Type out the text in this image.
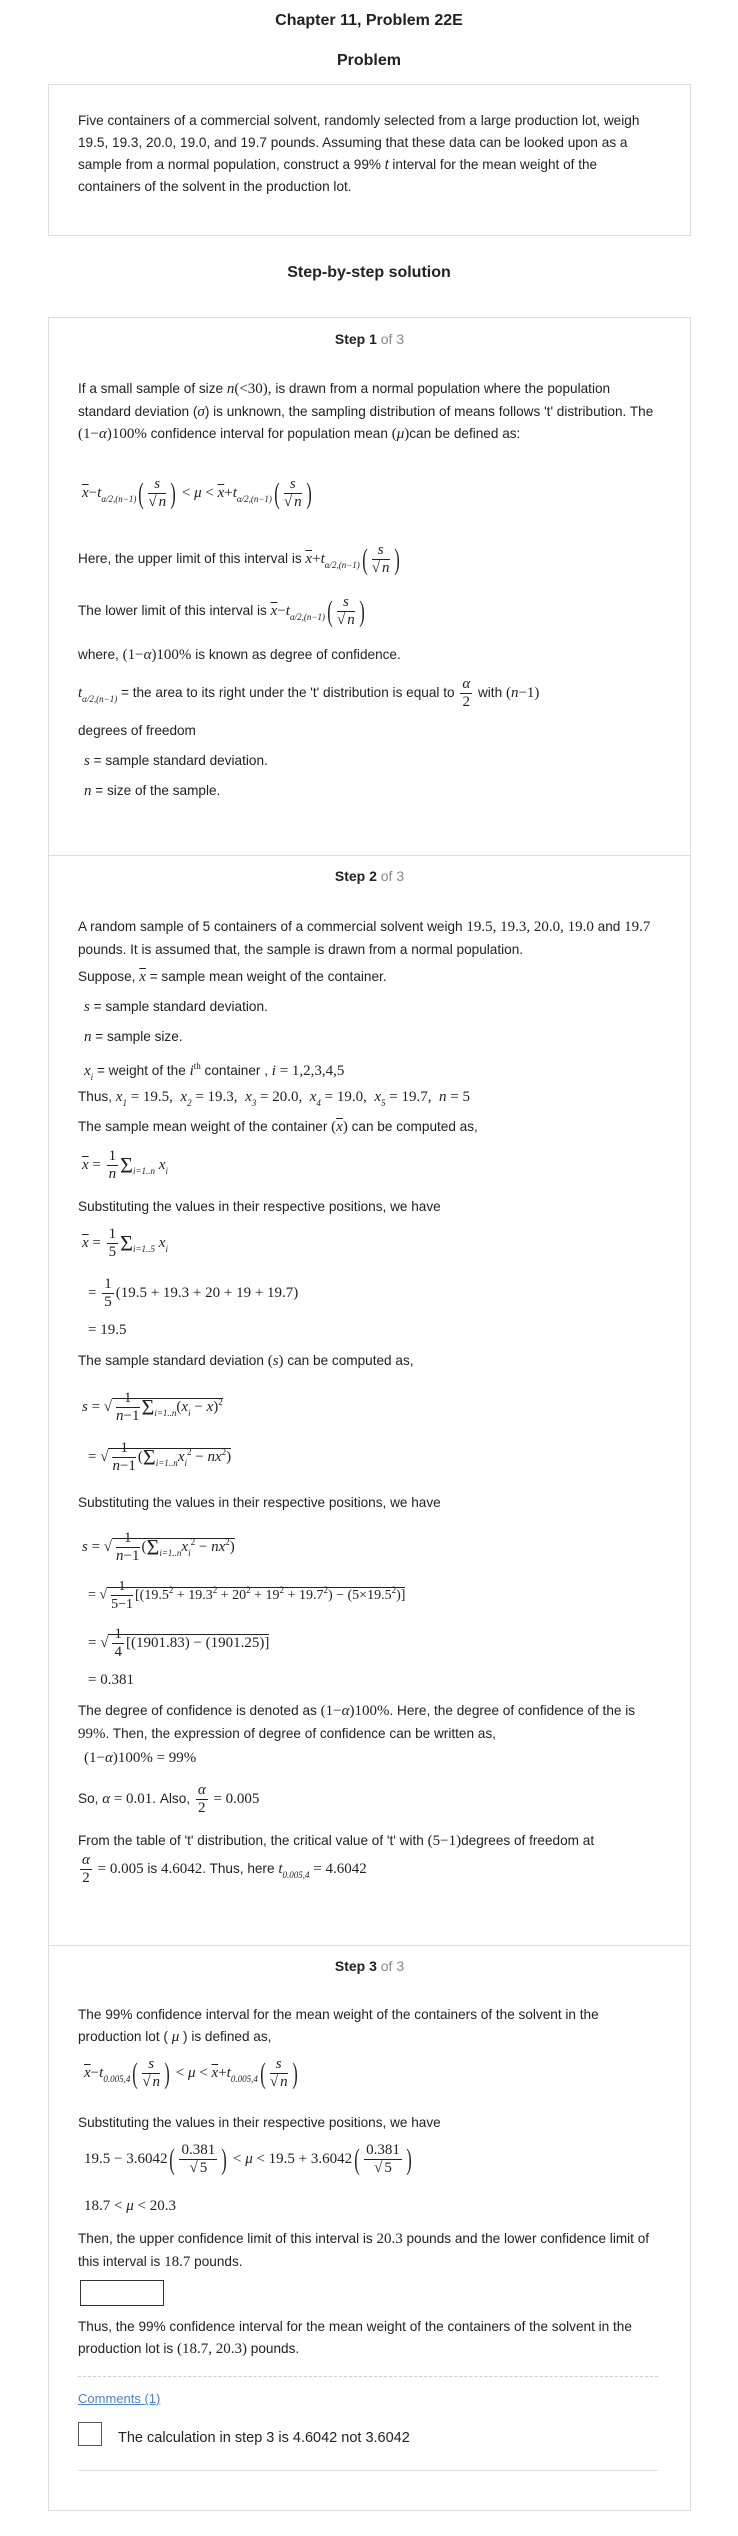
Chapter 11, Problem 22E
Problem

Five containers of a commercial solvent, randomly selected from a large production lot, weigh 19.5, 19.3, 20.0, 19.0, and 19.7 pounds. Assuming that these data can be looked upon as a sample from a normal population, construct a 99% t interval for the mean weight of the containers of the solvent in the production lot.

Step-by-step solution
Step 1 of 3

If a small sample of size n(<30), is drawn from a normal population where the population standard deviation (σ) is unknown, the sampling distribution of means follows 't' distribution. The (1−α)100% confidence interval for population mean (μ)can be defined as:

$\overline{x}-t_{\alpha/2,(n-1)}( \frac{s}{√ n}$ ) < $\mu < \overline{x}+t_{\alpha/2,(n-1)}( \frac{s}{√ n}$ )
Here, the upper limit of this interval is $\overline{x}+t_{\alpha/2,(n-1)}( \frac{s}{√ n}$ )
The lower limit of this interval is $\overline{x}-t_{\alpha/2,(n-1)}( \frac{s}{√ n}$ )
where, (1−α)100% is known as degree of confidence.
$t_{\alpha/2,(n-1)}$ = the area to its right under the 't' distribution is equal to $\frac{\alpha}{2}$ with (n−1)
degrees of freedom
s = sample standard deviation.
n = size of the sample.
Step 2 of 3

A random sample of 5 containers of a commercial solvent weigh 19.5, 19.3, 20.0, 19.0 and 19.7 pounds. It is assumed that, the sample is drawn from a normal population.

Suppose, $\overline{x}$ = sample mean weight of the container.
s = sample standard deviation.
n = sample size.
$x_i$ = weight of the $i^{th}$ container , i = 1,2,3,4,5
Thus, $x_1 = 19.5$,  $x_2 = 19.3$,  $x_3 = 20.0$,  $x_4 = 19.0$,  $x_5 = 19.7$,  n = 5
The sample mean weight of the container $(\overline{x})$ can be computed as,
$\overline{x} = \frac{1}{n} \Sigma_{i=1..n}$ $x_i$
Substituting the values in their respective positions, we have
$\overline{x} = \frac{1}{5} \Sigma_{i=1..5}$ $x_i$
= $\frac{1}{5} (19.5 + 19.3 + 20 + 19 + 19.7)$
= 19.5
The sample standard deviation (s) can be computed as,
s = √ $\frac{1}{n-1} \Sigma_{i=1..n}(x_i - \overline{x})^2$
= √ $\frac{1}{n-1} (\Sigma_{i=1..n}x_i^2 - n\overline{x}^2)$
Substituting the values in their respective positions, we have
s = √ $\frac{1}{n-1} (\Sigma_{i=1..n}x_i^2 - n\overline{x}^2)$
= √ $\frac{1}{5-1} [(19.5^2 + 19.3^2 + 20^2 + 19^2 + 19.7^2) - (5\times 19.5^2)]$
= √ $\frac{1}{4} [(1901.83) - (1901.25)]$
= 0.381

The degree of confidence is denoted as (1−α)100%. Here, the degree of confidence of the is 99%. Then, the expression of degree of confidence can be written as,

(1−α)100% = 99%
So, α = 0.01. Also, $\frac{\alpha}{2} = 0.005$
From the table of 't' distribution, the critical value of 't' with (5−1)degrees of freedom at
$\frac{\alpha}{2} = 0.005$ is 4.6042. Thus, here $t_{0.005,4} = 4.6042$
Step 3 of 3

The 99% confidence interval for the mean weight of the containers of the solvent in the production lot ( μ ) is defined as,

$\overline{x}-t_{0.005,4}( \frac{s}{√ n}$ ) < $\mu < \overline{x}+t_{0.005,4}( \frac{s}{√ n}$ )
Substituting the values in their respective positions, we have
$19.5 - 3.6042( \frac{0.381}{√ 5}$ ) < $\mu < 19.5 + 3.6042( \frac{0.381}{√ 5}$ )
18.7 < μ < 20.3

Then, the upper confidence limit of this interval is 20.3 pounds and the lower confidence limit of this interval is 18.7 pounds.

Thus, the 99% confidence interval for the mean weight of the containers of the solvent in the production lot is (18.7, 20.3) pounds.

Comments (1)
The calculation in step 3 is 4.6042 not 3.6042
